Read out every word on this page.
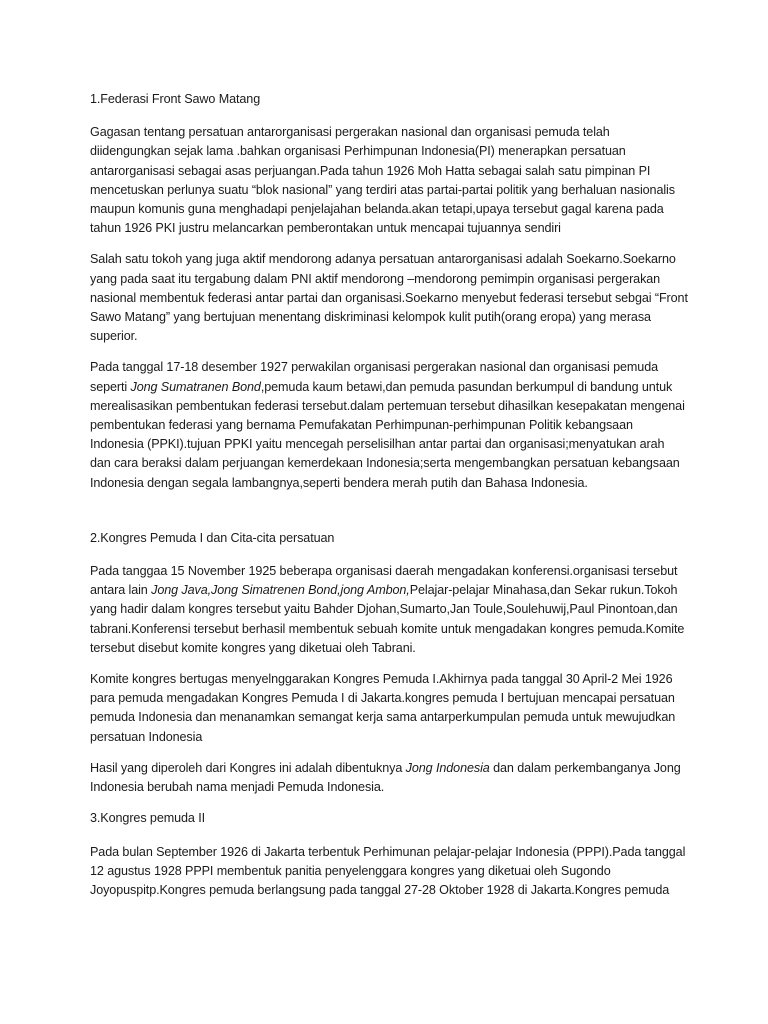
1.Federasi Front Sawo Matang

Gagasan tentang persatuan antarorganisasi pergerakan nasional dan organisasi pemuda telah diidengungkan sejak lama .bahkan organisasi Perhimpunan Indonesia(PI) menerapkan persatuan antarorganisasi sebagai asas perjuangan.Pada tahun 1926 Moh Hatta sebagai salah satu pimpinan PI mencetuskan perlunya suatu “blok nasional” yang terdiri atas partai-partai politik yang berhaluan nasionalis maupun komunis guna menghadapi penjelajahan belanda.akan tetapi,upaya tersebut gagal karena pada tahun 1926 PKI justru melancarkan pemberontakan untuk mencapai tujuannya sendiri

Salah satu tokoh yang juga aktif mendorong adanya persatuan antarorganisasi adalah Soekarno.Soekarno yang pada saat itu tergabung dalam PNI aktif mendorong –mendorong pemimpin organisasi pergerakan nasional membentuk federasi antar partai dan organisasi.Soekarno menyebut federasi tersebut sebgai “Front Sawo Matang” yang bertujuan menentang diskriminasi kelompok kulit putih(orang eropa) yang merasa superior.

Pada tanggal 17-18 desember 1927 perwakilan organisasi pergerakan nasional dan organisasi pemuda seperti Jong Sumatranen Bond,pemuda kaum betawi,dan pemuda pasundan berkumpul di bandung untuk merealisasikan pembentukan federasi tersebut.dalam pertemuan tersebut dihasilkan kesepakatan mengenai pembentukan federasi yang bernama Pemufakatan Perhimpunan-perhimpunan Politik kebangsaan Indonesia (PPKI).tujuan PPKI yaitu mencegah perselisilhan antar partai dan organisasi;menyatukan arah dan cara beraksi dalam perjuangan kemerdekaan Indonesia;serta mengembangkan persatuan kebangsaan Indonesia dengan segala lambangnya,seperti bendera merah putih dan Bahasa Indonesia.

2.Kongres Pemuda I dan Cita-cita persatuan

Pada tanggaa 15 November 1925 beberapa organisasi daerah mengadakan konferensi.organisasi tersebut antara lain Jong Java,Jong Simatrenen Bond,jong Ambon,Pelajar-pelajar Minahasa,dan Sekar rukun.Tokoh yang hadir dalam kongres tersebut yaitu Bahder Djohan,Sumarto,Jan Toule,Soulehuwij,Paul Pinontoan,dan tabrani.Konferensi tersebut berhasil membentuk sebuah komite untuk mengadakan kongres pemuda.Komite tersebut disebut komite kongres yang diketuai oleh Tabrani.

Komite kongres bertugas menyelnggarakan Kongres Pemuda I.Akhirnya pada tanggal 30 April-2 Mei 1926 para pemuda mengadakan Kongres Pemuda I di Jakarta.kongres pemuda I bertujuan mencapai persatuan pemuda Indonesia dan menanamkan semangat kerja sama antarperkumpulan pemuda untuk mewujudkan persatuan Indonesia

Hasil yang diperoleh dari Kongres ini adalah dibentuknya Jong Indonesia dan dalam perkembanganya Jong Indonesia berubah nama menjadi Pemuda Indonesia.

3.Kongres pemuda II

Pada bulan September 1926 di Jakarta terbentuk Perhimunan pelajar-pelajar Indonesia (PPPI).Pada tanggal 12 agustus 1928 PPPI membentuk panitia penyelenggara kongres yang diketuai oleh Sugondo Joyopuspitp.Kongres pemuda berlangsung pada tanggal 27-28 Oktober 1928 di Jakarta.Kongres pemuda
